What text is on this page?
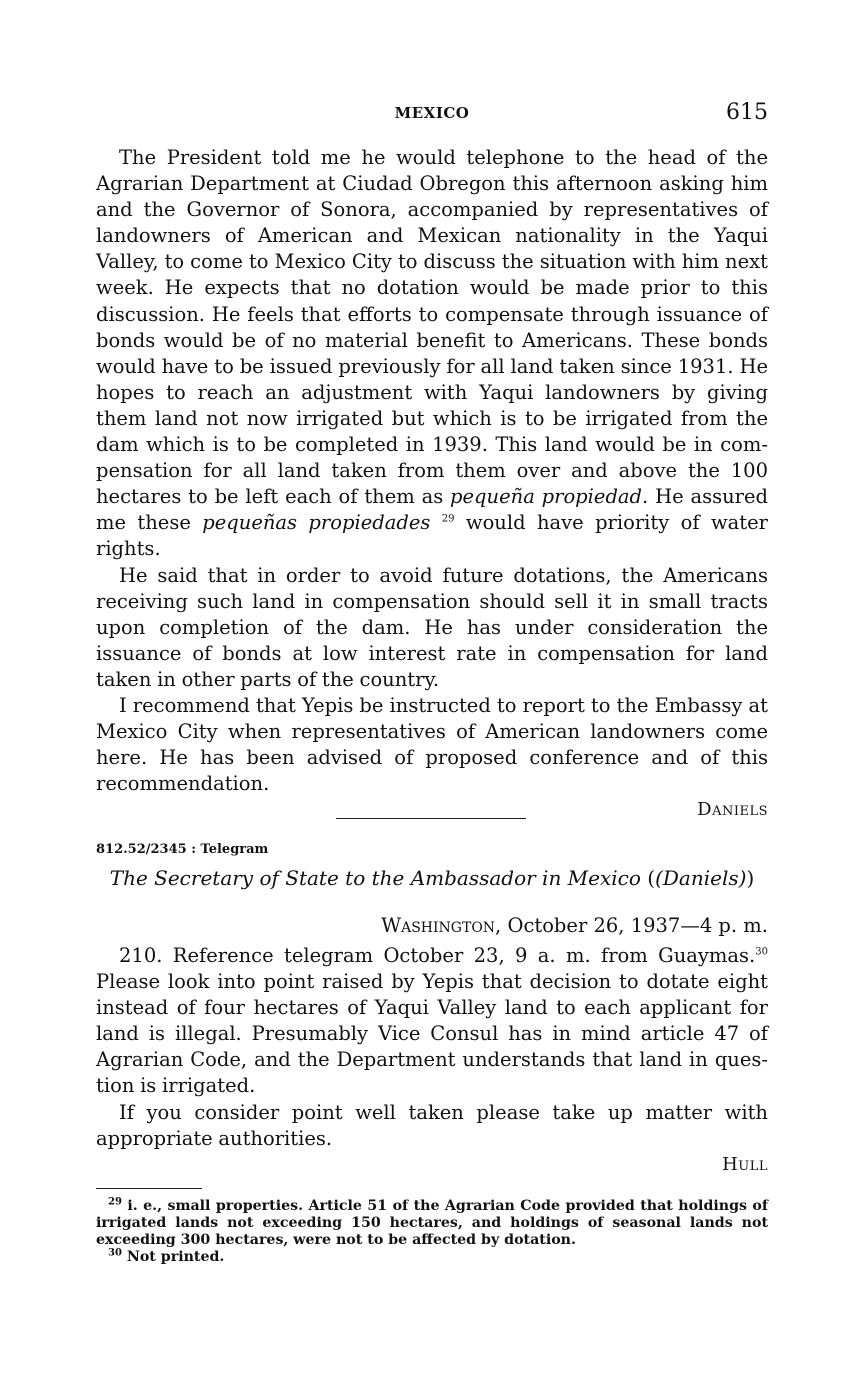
MEXICO	615

The President told me he would telephone to the head of the Agrarian Department at Ciudad Obregon this afternoon asking him and the Governor of Sonora, accompanied by representatives of landowners of American and Mexican nationality in the Yaqui Valley, to come to Mexico City to discuss the situation with him next week. He expects that no dotation would be made prior to this discussion. He feels that efforts to compensate through issuance of bonds would be of no material benefit to Americans. These bonds would have to be issued previously for all land taken since 1931. He hopes to reach an adjustment with Yaqui landowners by giving them land not now irrigated but which is to be irrigated from the dam which is to be completed in 1939. This land would be in compensation for all land taken from them over and above the 100 hectares to be left each of them as pequeña propiedad. He assured me these pequeñas propiedades $^{29}$ would have priority of water rights.

He said that in order to avoid future dotations, the Americans receiving such land in compensation should sell it in small tracts upon completion of the dam. He has under consideration the issuance of bonds at low interest rate in compensation for land taken in other parts of the country.

I recommend that Yepis be instructed to report to the Embassy at Mexico City when representatives of American landowners come here. He has been advised of proposed conference and of this recommendation.

Daniels

812.52/2345 : Telegram
The Secretary of State to the Ambassador in Mexico ((Daniels))
Washington, October 26, 1937—4 p. m.

210. Reference telegram October 23, 9 a. m. from Guaymas.$^{30}$ Please look into point raised by Yepis that decision to dotate eight instead of four hectares of Yaqui Valley land to each applicant for land is illegal. Presumably Vice Consul has in mind article 47 of Agrarian Code, and the Department understands that land in question is irrigated.

If you consider point well taken please take up matter with appropriate authorities.

Hull

$^{29}$ i. e., small properties. Article 51 of the Agrarian Code provided that holdings of irrigated lands not exceeding 150 hectares, and holdings of seasonal lands not exceeding 300 hectares, were not to be affected by dotation.

$^{30}$ Not printed.
